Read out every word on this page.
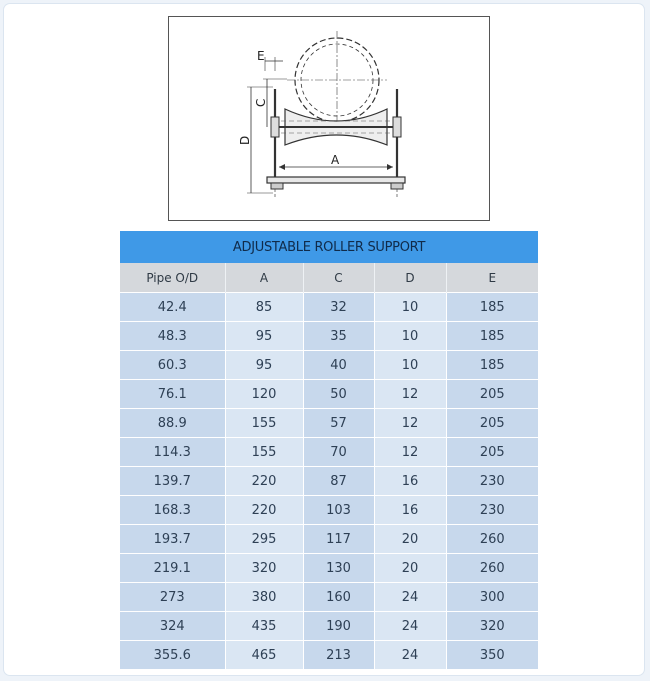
E
C
D
A
ADJUSTABLE ROLLER SUPPORT				
Pipe O/D	A	C	D	E
42.4	85	32	10	185
48.3	95	35	10	185
60.3	95	40	10	185
76.1	120	50	12	205
88.9	155	57	12	205
114.3	155	70	12	205
139.7	220	87	16	230
168.3	220	103	16	230
193.7	295	117	20	260
219.1	320	130	20	260
273	380	160	24	300
324	435	190	24	320
355.6	465	213	24	350
